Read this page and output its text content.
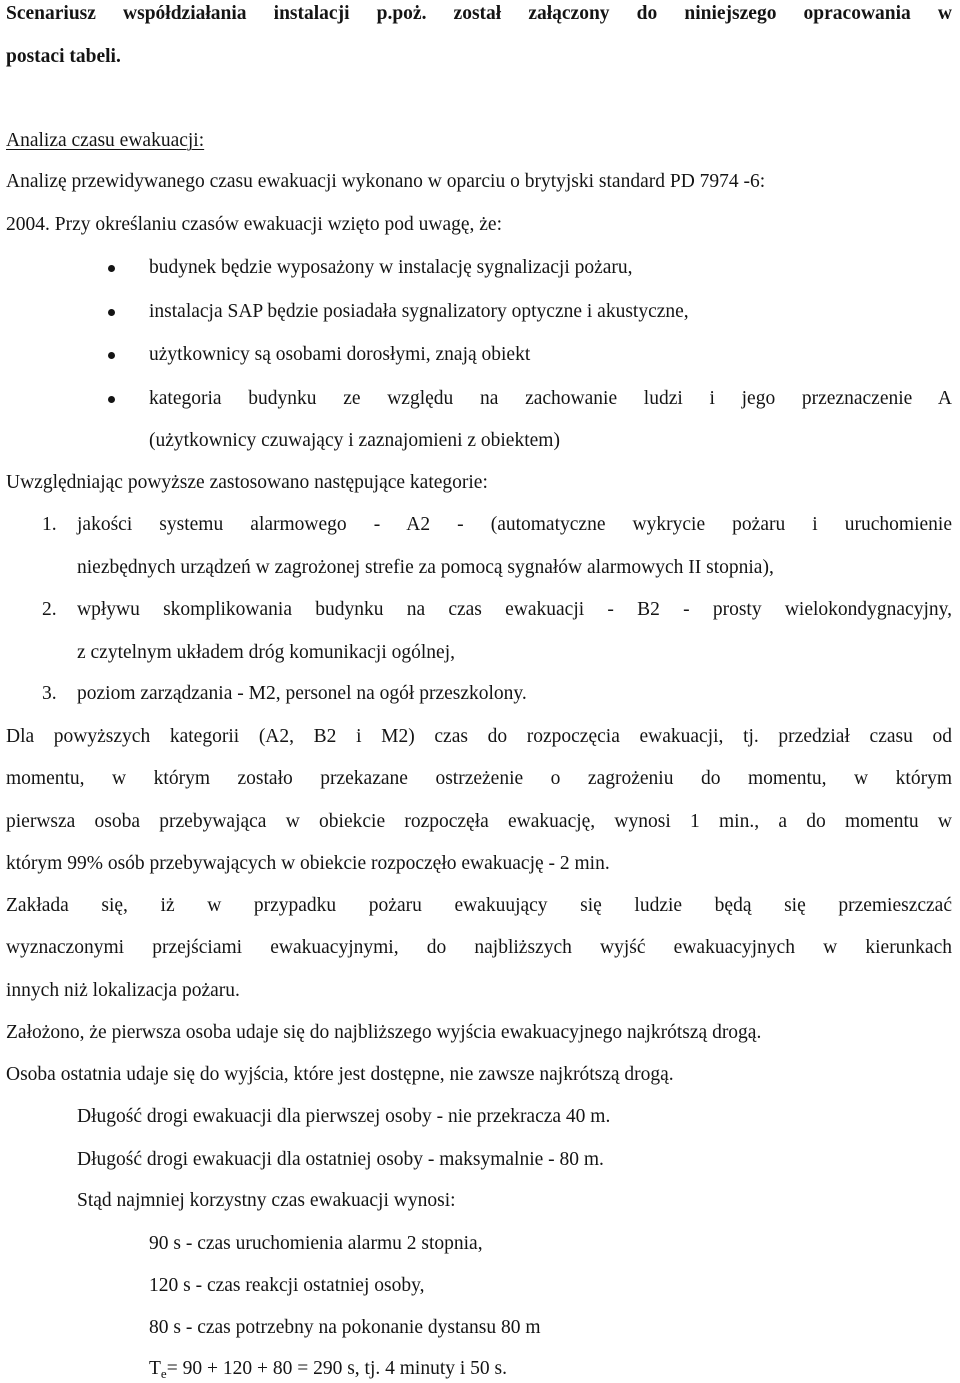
Scenariusz współdziałania instalacji p.poż. został załączony do niniejszego opracowania w
postaci tabeli.
Analiza czasu ewakuacji:
Analizę przewidywanego czasu ewakuacji wykonano w oparciu o brytyjski standard PD 7974 -6:
2004. Przy określaniu czasów ewakuacji wzięto pod uwagę, że:
budynek będzie wyposażony w instalację sygnalizacji pożaru,
instalacja SAP będzie posiadała sygnalizatory optyczne i akustyczne,
użytkownicy są osobami dorosłymi, znają obiekt
kategoria budynku ze względu na zachowanie ludzi i jego przeznaczenie A
(użytkownicy czuwający i zaznajomieni z obiektem)
Uwzględniając powyższe zastosowano następujące kategorie:
1.	jakości systemu alarmowego - A2 - (automatyczne wykrycie pożaru i uruchomienie
niezbędnych urządzeń w zagrożonej strefie za pomocą sygnałów alarmowych II stopnia),
2.	wpływu skomplikowania budynku na czas ewakuacji - B2 - prosty wielokondygnacyjny,
z czytelnym układem dróg komunikacji ogólnej,
3.	poziom zarządzania - M2, personel na ogół przeszkolony.
Dla powyższych kategorii (A2, B2 i M2) czas do rozpoczęcia ewakuacji, tj. przedział czasu od
momentu, w którym zostało przekazane ostrzeżenie o zagrożeniu do momentu, w którym
pierwsza osoba przebywająca w obiekcie rozpoczęła ewakuację, wynosi 1 min., a do momentu w
którym 99% osób przebywających w obiekcie rozpoczęło ewakuację - 2 min.
Zakłada się, iż w przypadku pożaru ewakuujący się ludzie będą się przemieszczać
wyznaczonymi przejściami ewakuacyjnymi, do najbliższych wyjść ewakuacyjnych w kierunkach
innych niż lokalizacja pożaru.
Założono, że pierwsza osoba udaje się do najbliższego wyjścia ewakuacyjnego najkrótszą drogą.
Osoba ostatnia udaje się do wyjścia, które jest dostępne, nie zawsze najkrótszą drogą.
Długość drogi ewakuacji dla pierwszej osoby - nie przekracza 40 m.
Długość drogi ewakuacji dla ostatniej osoby - maksymalnie - 80 m.
Stąd najmniej korzystny czas ewakuacji wynosi:
90 s - czas uruchomienia alarmu 2 stopnia,
120 s - czas reakcji ostatniej osoby,
80 s - czas potrzebny na pokonanie dystansu 80 m
$T_e= 90 + 120 + 80 = 290$ s, tj. 4 minuty i 50 s.
